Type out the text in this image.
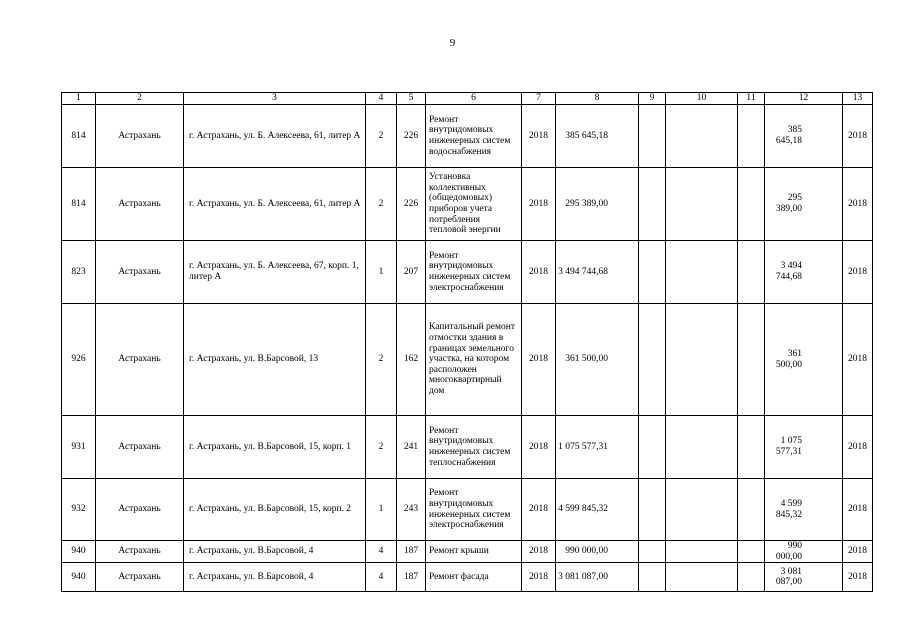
9
1	2	3	4	5	6	7	8	9	10	11	12	13
814	Астрахань	г. Астрахань, ул. Б. Алексеева, 61, литер А	2	226	Ремонт внутридомовых инженерных систем водоснабжения	2018	385 645,18				385 645,18	2018
814	Астрахань	г. Астрахань, ул. Б. Алексеева, 61, литер А	2	226	Установка коллективных (общедомовых) приборов учета потребления тепловой энергии	2018	295 389,00				295 389,00	2018
823	Астрахань	г. Астрахань, ул. Б. Алексеева, 67, корп. 1, литер А	1	207	Ремонт внутридомовых инженерных систем электроснабжения	2018	3 494 744,68				3 494 744,68	2018
926	Астрахань	г. Астрахань, ул. В.Барсовой, 13	2	162	Капитальный ремонт отмостки здания в границах земельного участка, на котором расположен многоквартирный дом	2018	361 500,00				361 500,00	2018
931	Астрахань	г. Астрахань, ул. В.Барсовой, 15, корп. 1	2	241	Ремонт внутридомовых инженерных систем теплоснабжения	2018	1 075 577,31				1 075 577,31	2018
932	Астрахань	г. Астрахань, ул. В.Барсовой, 15, корп. 2	1	243	Ремонт внутридомовых инженерных систем электроснабжения	2018	4 599 845,32				4 599 845,32	2018
940	Астрахань	г. Астрахань, ул. В.Барсовой, 4	4	187	Ремонт крыши	2018	990 000,00				990 000,00	2018
940	Астрахань	г. Астрахань, ул. В.Барсовой, 4	4	187	Ремонт фасада	2018	3 081 087,00				3 081 087,00	2018
